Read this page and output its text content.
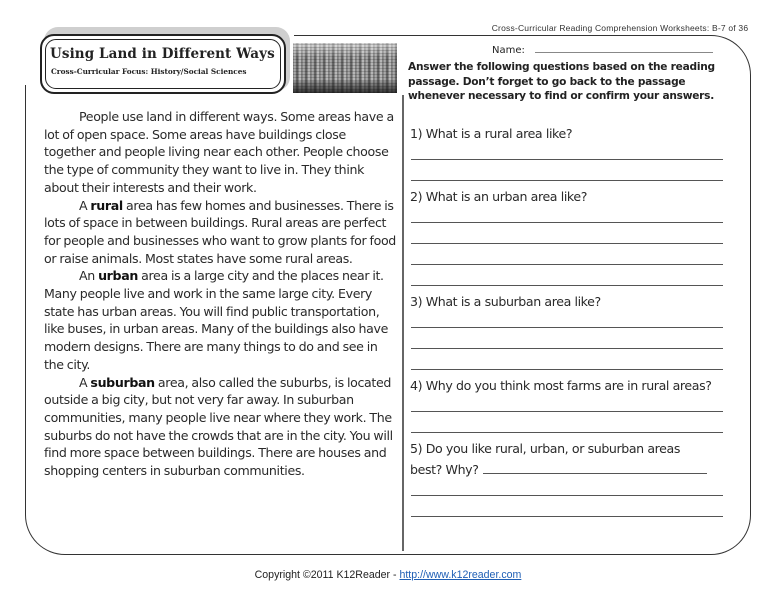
Cross-Curricular Reading Comprehension Worksheets: B-7 of 36
Using Land in Different Ways
Cross-Curricular Focus: History/Social Sciences

People use land in different ways. Some areas have a lot of open space. Some areas have buildings close together and people living near each other. People choose the type of community they want to live in. They think about their interests and their work.

A rural area has few homes and businesses. There is lots of space in between buildings. Rural areas are perfect for people and businesses who want to grow plants for food or raise animals. Most states have some rural areas.

An urban area is a large city and the places near it. Many people live and work in the same large city. Every state has urban areas. You will find public transportation, like buses, in urban areas. Many of the buildings also have modern designs. There are many things to do and see in the city.

A suburban area, also called the suburbs, is located outside a big city, but not very far away. In suburban communities, many people live near where they work. The suburbs do not have the crowds that are in the city. You will find more space between buildings. There are houses and shopping centers in suburban communities.

Name:
Answer the following questions based on the reading passage. Don’t forget to go back to the passage whenever necessary to find or confirm your answers.
1) What is a rural area like?
2) What is an urban area like?
3) What is a suburban area like?
4) Why do you think most farms are in rural areas?
5) Do you like rural, urban, or suburban areas
best? Why?
Copyright ©2011 K12Reader - http://www.k12reader.com
